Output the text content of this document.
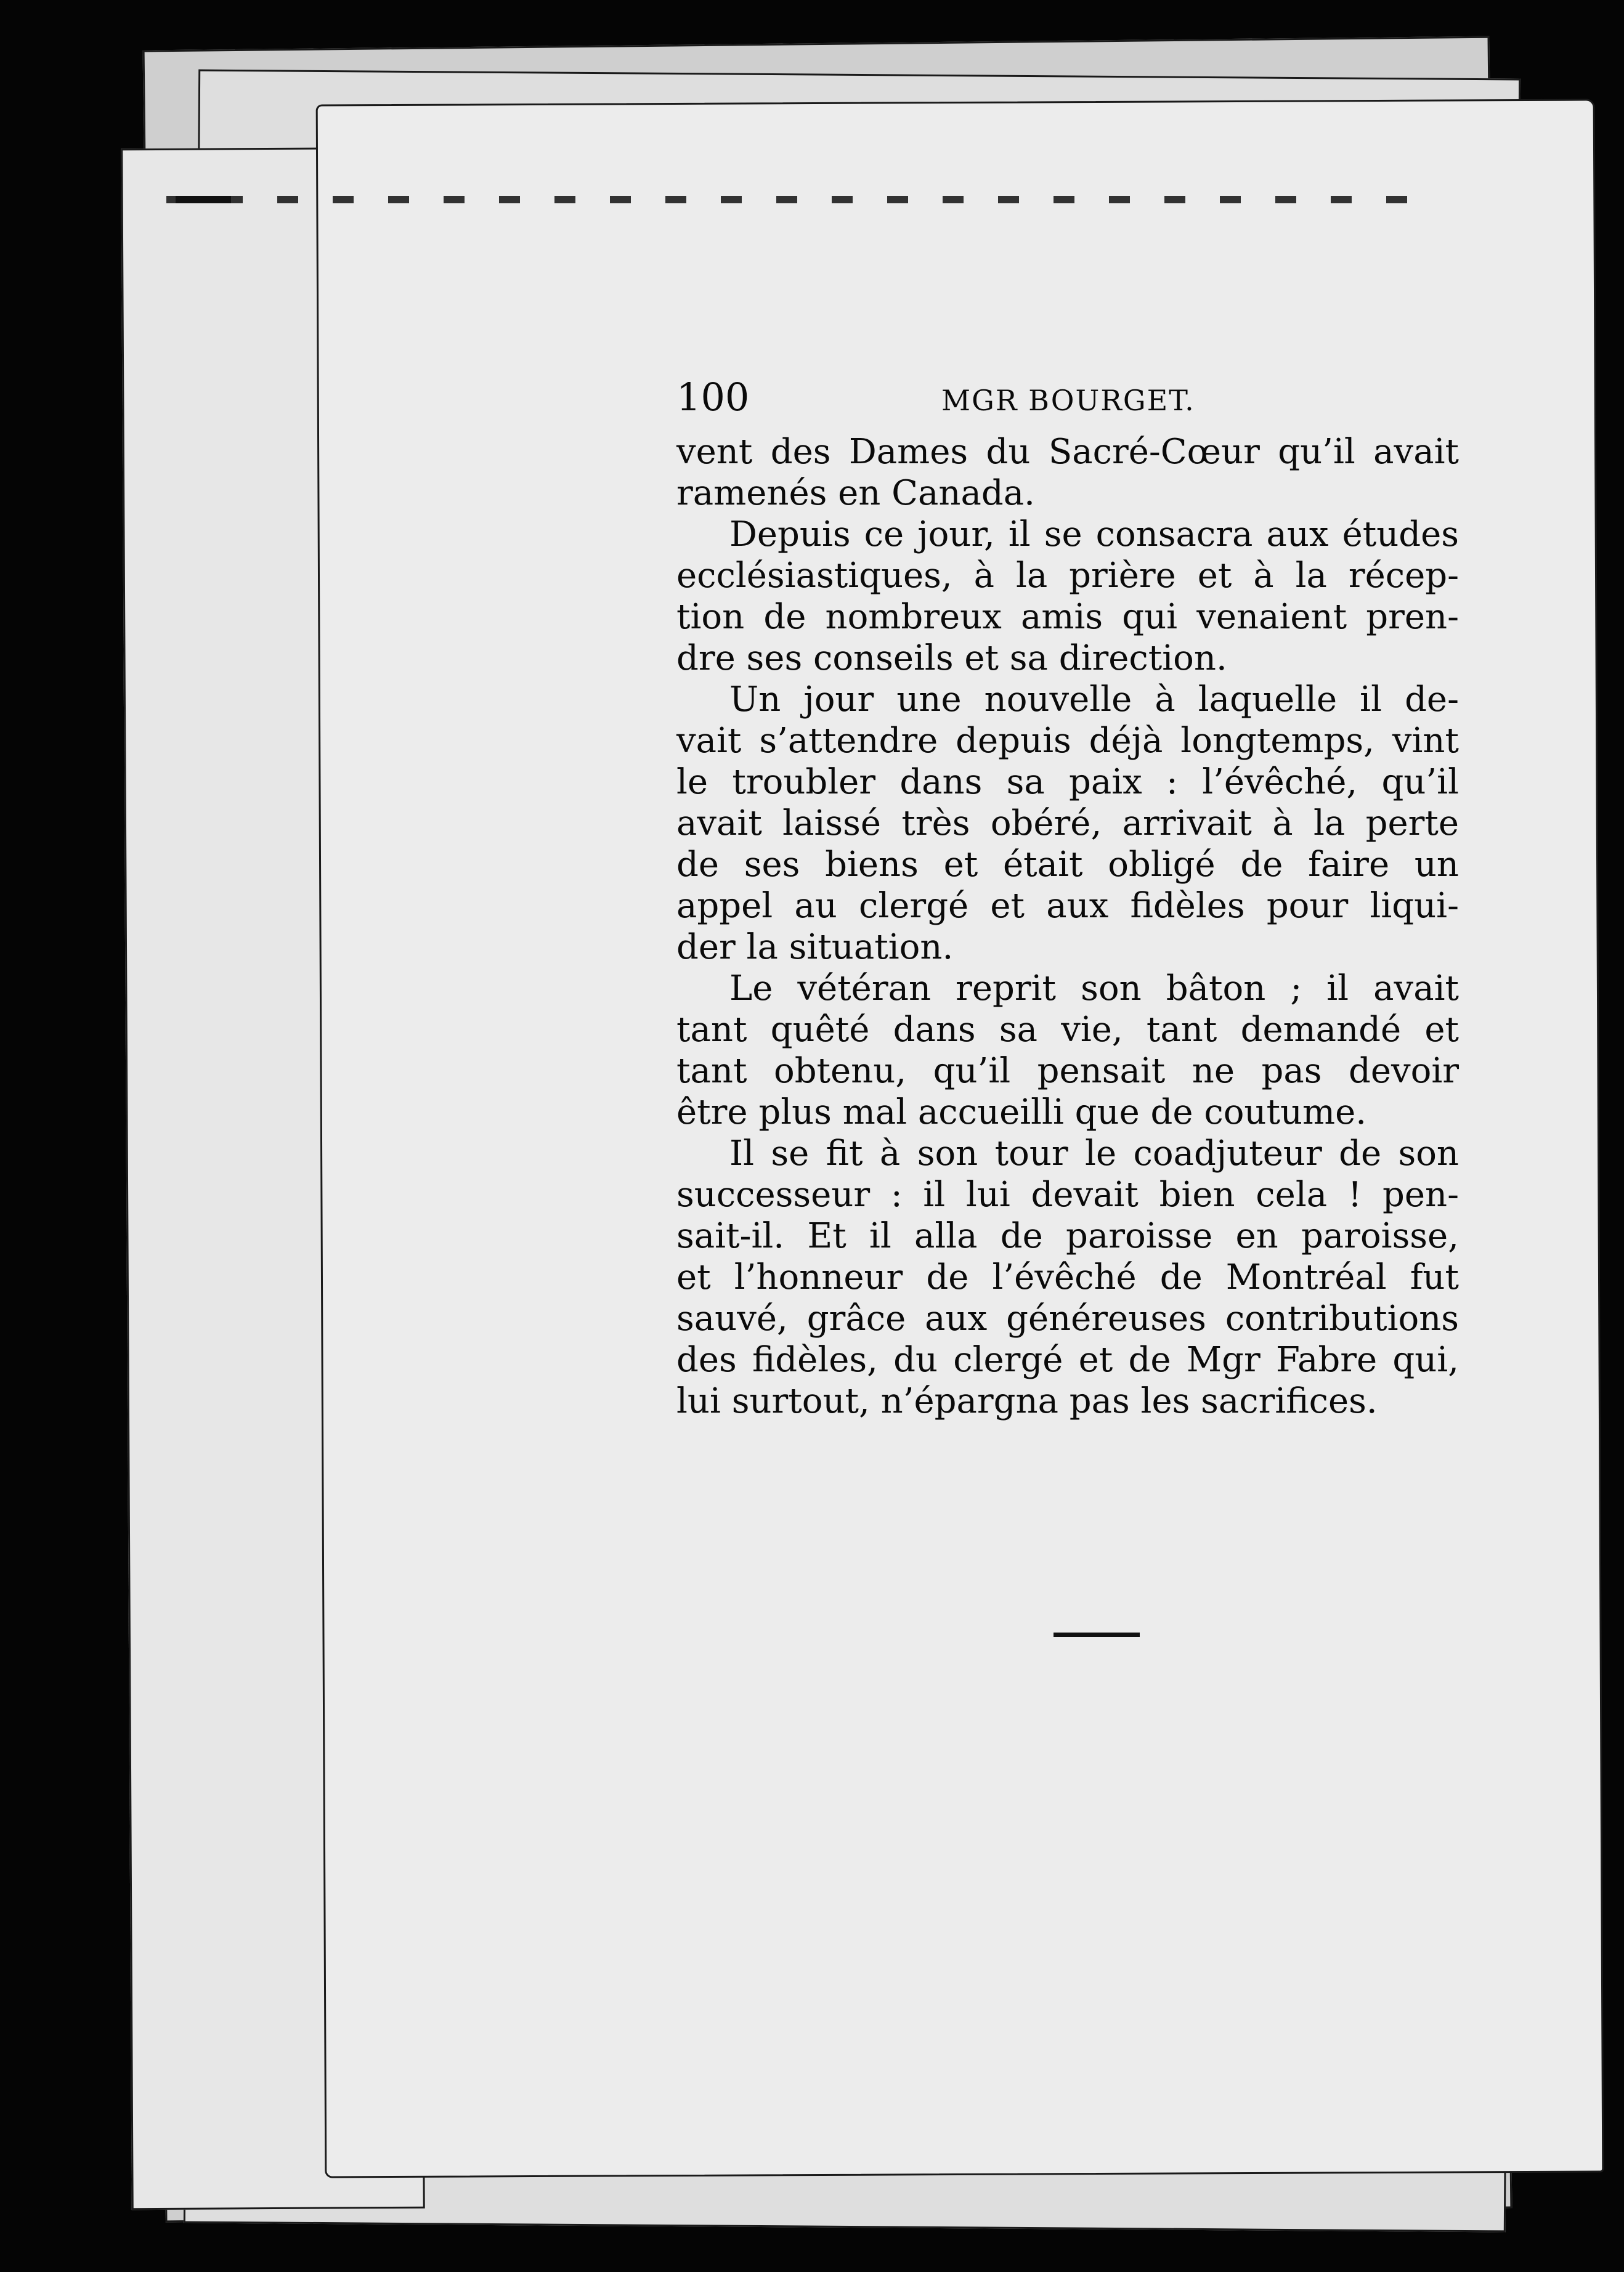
100	MGR BOURGET.
vent des Dames du Sacré-Cœur qu’il avait
ramenés en Canada.
Depuis ce jour, il se consacra aux études
ecclésiastiques, à la prière et à la récep-
tion de nombreux amis qui venaient pren-
dre ses conseils et sa direction.
Un jour une nouvelle à laquelle il de-
vait s’attendre depuis déjà longtemps, vint
le troubler dans sa paix : l’évêché, qu’il
avait laissé très obéré, arrivait à la perte
de ses biens et était obligé de faire un
appel au clergé et aux fidèles pour liqui-
der la situation.
Le vétéran reprit son bâton ; il avait
tant quêté dans sa vie, tant demandé et
tant obtenu, qu’il pensait ne pas devoir
être plus mal accueilli que de coutume.
Il se fit à son tour le coadjuteur de son
successeur : il lui devait bien cela ! pen-
sait-il. Et il alla de paroisse en paroisse,
et l’honneur de l’évêché de Montréal fut
sauvé, grâce aux généreuses contributions
des fidèles, du clergé et de Mgr Fabre qui,
lui surtout, n’épargna pas les sacrifices.
